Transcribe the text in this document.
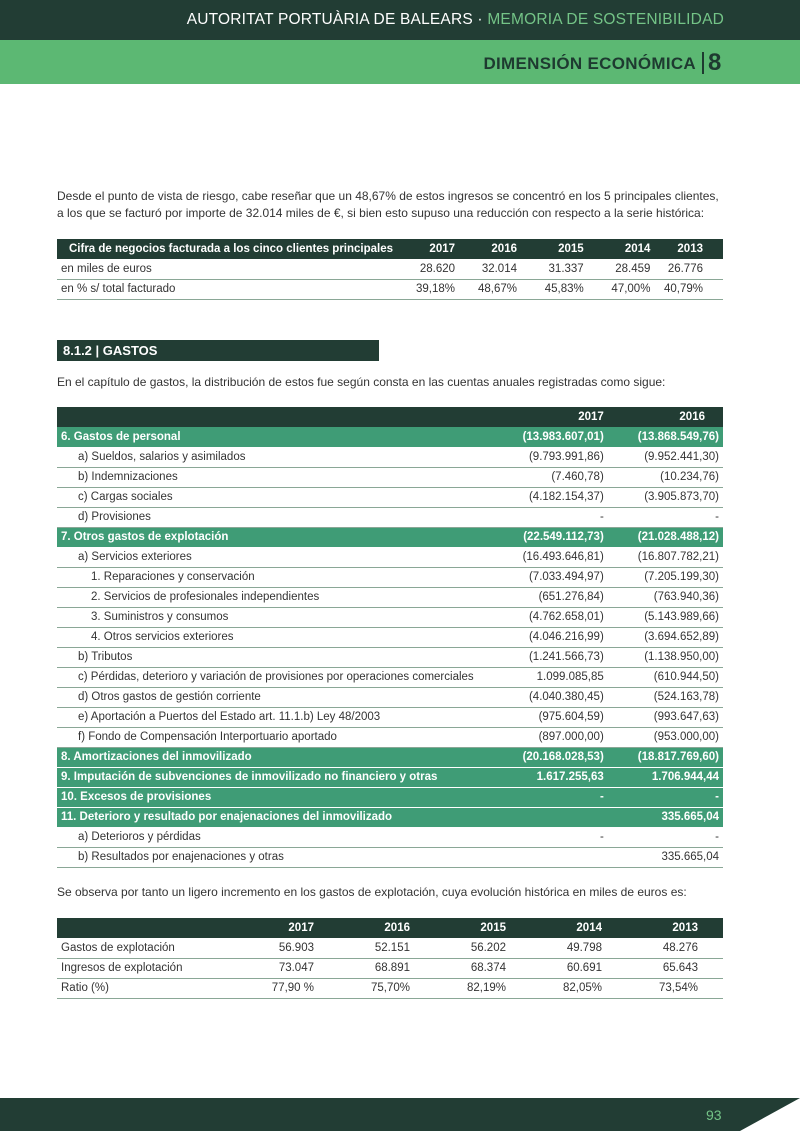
AUTORITAT PORTUÀRIA DE BALEARS · MEMORIA DE SOSTENIBILIDAD
DIMENSIÓN ECONÓMICA 8

Desde el punto de vista de riesgo, cabe reseñar que un 48,67% de estos ingresos se concentró en los 5 principales clientes, a los que se facturó por importe de 32.014 miles de €, si bien esto supuso una reducción con respecto a la serie histórica:

Cifra de negocios facturada a los cinco clientes principales	2017	2016	2015	2014	2013
en miles de euros	28.620	32.014	31.337	28.459	26.776
en % s/ total facturado	39,18%	48,67%	45,83%	47,00%	40,79%
8.1.2 | GASTOS

En el capítulo de gastos, la distribución de estos fue según consta en las cuentas anuales registradas como sigue:

	2017	2016
6. Gastos de personal	(13.983.607,01)	(13.868.549,76)
a) Sueldos, salarios y asimilados	(9.793.991,86)	(9.952.441,30)
b) Indemnizaciones	(7.460,78)	(10.234,76)
c) Cargas sociales	(4.182.154,37)	(3.905.873,70)
d) Provisiones	-	-
7. Otros gastos de explotación	(22.549.112,73)	(21.028.488,12)
a) Servicios exteriores	(16.493.646,81)	(16.807.782,21)
1. Reparaciones y conservación	(7.033.494,97)	(7.205.199,30)
2. Servicios de profesionales independientes	(651.276,84)	(763.940,36)
3. Suministros y consumos	(4.762.658,01)	(5.143.989,66)
4. Otros servicios exteriores	(4.046.216,99)	(3.694.652,89)
b) Tributos	(1.241.566,73)	(1.138.950,00)
c) Pérdidas, deterioro y variación de provisiones por operaciones comerciales	1.099.085,85	(610.944,50)
d) Otros gastos de gestión corriente	(4.040.380,45)	(524.163,78)
e) Aportación a Puertos del Estado art. 11.1.b) Ley 48/2003	(975.604,59)	(993.647,63)
f) Fondo de Compensación Interportuario aportado	(897.000,00)	(953.000,00)
8. Amortizaciones del inmovilizado	(20.168.028,53)	(18.817.769,60)
9. Imputación de subvenciones de inmovilizado no financiero y otras	1.617.255,63	1.706.944,44
10. Excesos de provisiones	-	-
11. Deterioro y resultado por enajenaciones del inmovilizado		335.665,04
a) Deterioros y pérdidas	-	-
b) Resultados por enajenaciones y otras		335.665,04

Se observa por tanto un ligero incremento en los gastos de explotación, cuya evolución histórica en miles de euros es:

	2017	2016	2015	2014	2013
Gastos de explotación	56.903	52.151	56.202	49.798	48.276
Ingresos de explotación	73.047	68.891	68.374	60.691	65.643
Ratio (%)	77,90 %	75,70%	82,19%	82,05%	73,54%
93
